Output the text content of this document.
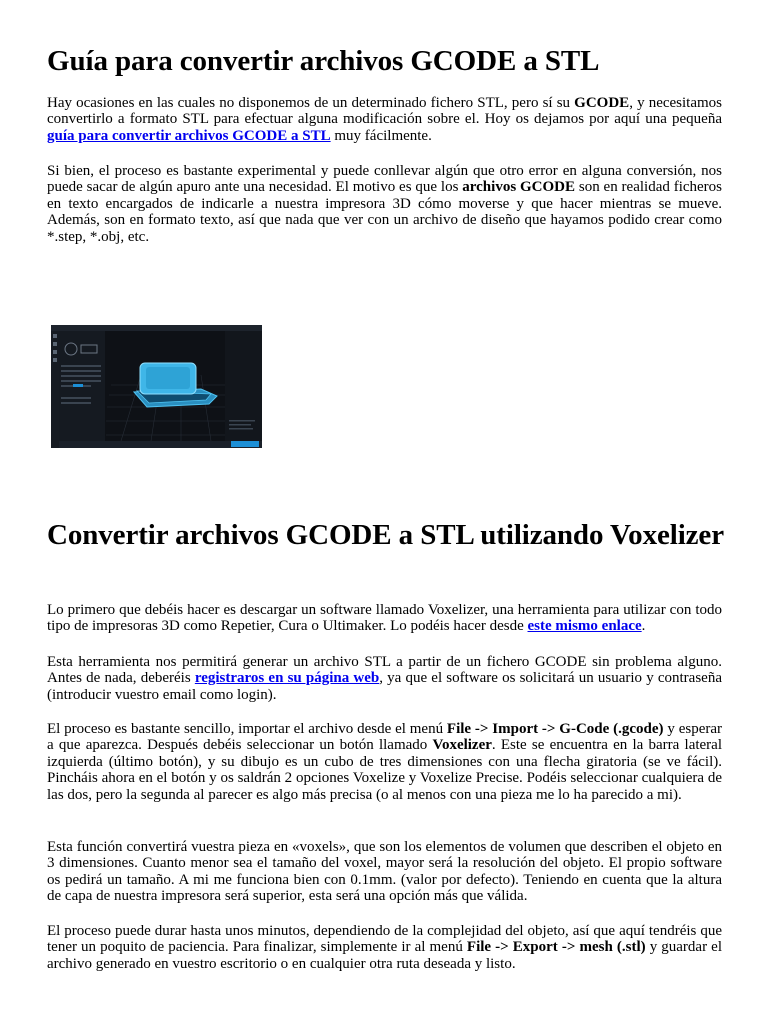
Guía para convertir archivos GCODE a STL

Hay ocasiones en las cuales no disponemos de un determinado fichero STL, pero sí su GCODE, y necesitamos convertirlo a formato STL para efectuar alguna modificación sobre el. Hoy os dejamos por aquí una pequeña guía para convertir archivos GCODE a STL muy fácilmente.

Si bien, el proceso es bastante experimental y puede conllevar algún que otro error en alguna conversión, nos puede sacar de algún apuro ante una necesidad. El motivo es que los archivos GCODE son en realidad ficheros en texto encargados de indicarle a nuestra impresora 3D cómo moverse y que hacer mientras se mueve. Además, son en formato texto, así que nada que ver con un archivo de diseño que hayamos podido crear como *.step, *.obj, etc.

Convertir archivos GCODE a STL utilizando Voxelizer

Lo primero que debéis hacer es descargar un software llamado Voxelizer, una herramienta para utilizar con todo tipo de impresoras 3D como Repetier, Cura o Ultimaker. Lo podéis hacer desde este mismo enlace.

Esta herramienta nos permitirá generar un archivo STL a partir de un fichero GCODE sin problema alguno. Antes de nada, deberéis registraros en su página web, ya que el software os solicitará un usuario y contraseña (introducir vuestro email como login).

El proceso es bastante sencillo, importar el archivo desde el menú File -> Import -> G-Code (.gcode) y esperar a que aparezca. Después debéis seleccionar un botón llamado Voxelizer. Este se encuentra en la barra lateral izquierda (último botón), y su dibujo es un cubo de tres dimensiones con una flecha giratoria (se ve fácil). Pincháis ahora en el botón y os saldrán 2 opciones Voxelize y Voxelize Precise. Podéis seleccionar cualquiera de las dos, pero la segunda al parecer es algo más precisa (o al menos con una pieza me lo ha parecido a mi).

Esta función convertirá vuestra pieza en «voxels», que son los elementos de volumen que describen el objeto en 3 dimensiones. Cuanto menor sea el tamaño del voxel, mayor será la resolución del objeto. El propio software os pedirá un tamaño. A mi me funciona bien con 0.1mm. (valor por defecto). Teniendo en cuenta que la altura de capa de nuestra impresora será superior, esta será una opción más que válida.

El proceso puede durar hasta unos minutos, dependiendo de la complejidad del objeto, así que aquí tendréis que tener un poquito de paciencia. Para finalizar, simplemente ir al menú File -> Export -> mesh (.stl) y guardar el archivo generado en vuestro escritorio o en cualquier otra ruta deseada y listo.
